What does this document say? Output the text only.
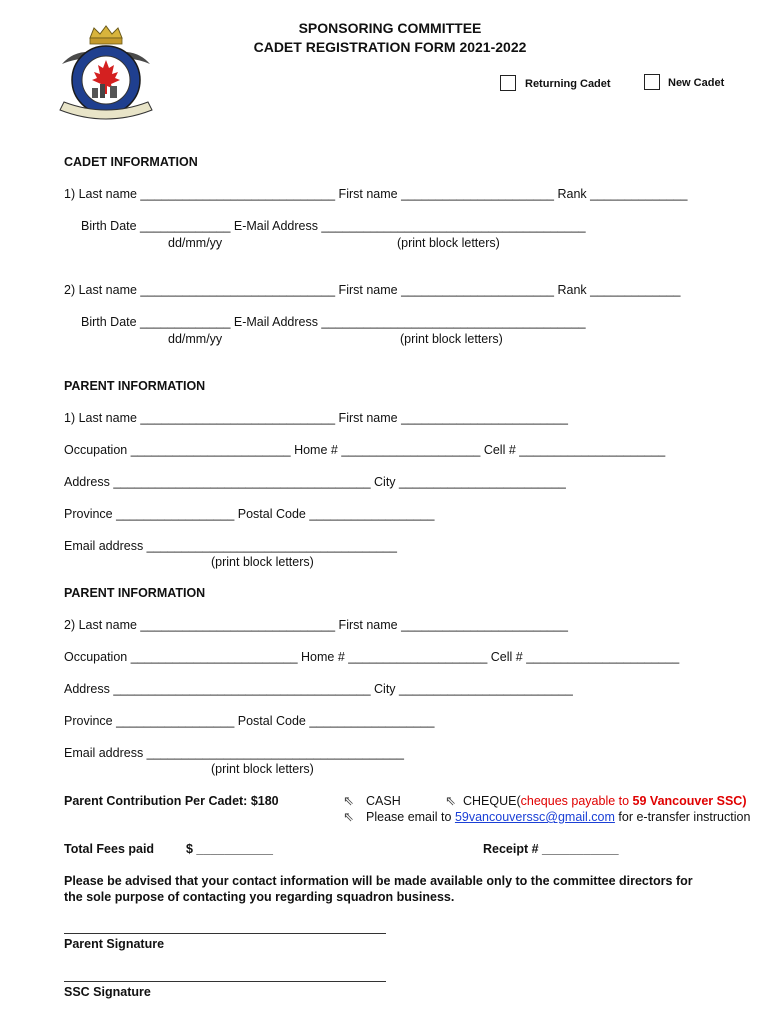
SPONSORING COMMITTEE
CADET REGISTRATION FORM 2021-2022
Returning Cadet	New Cadet
CADET INFORMATION
1) Last name ____________________________ First name ______________________ Rank ______________
Birth Date _____________ E-Mail Address ______________________________________
dd/mm/yy	(print block letters)
2) Last name ____________________________ First name ______________________ Rank _____________
Birth Date _____________ E-Mail Address ______________________________________
dd/mm/yy	(print block letters)
PARENT INFORMATION
1) Last name ____________________________ First name ________________________
Occupation _______________________ Home # ____________________ Cell # _____________________
Address _____________________________________ City ________________________
Province _________________ Postal Code __________________
Email address ____________________________________
(print block letters)
PARENT INFORMATION
2) Last name ____________________________ First name ________________________
Occupation ________________________ Home # ____________________ Cell # ______________________
Address _____________________________________ City _________________________
Province _________________ Postal Code __________________
Email address _____________________________________
(print block letters)
Parent Contribution Per Cadet: $180	⇖ CASH	⇖ CHEQUE(cheques payable to 59 Vancouver SSC)
⇖ Please email to 59vancouverssc@gmail.com for e-transfer instruction
Total Fees paid	$ ___________	Receipt # ___________
Please be advised that your contact information will be made available only to the committee directors for
the sole purpose of contacting you regarding squadron business.
Parent Signature
SSC Signature
